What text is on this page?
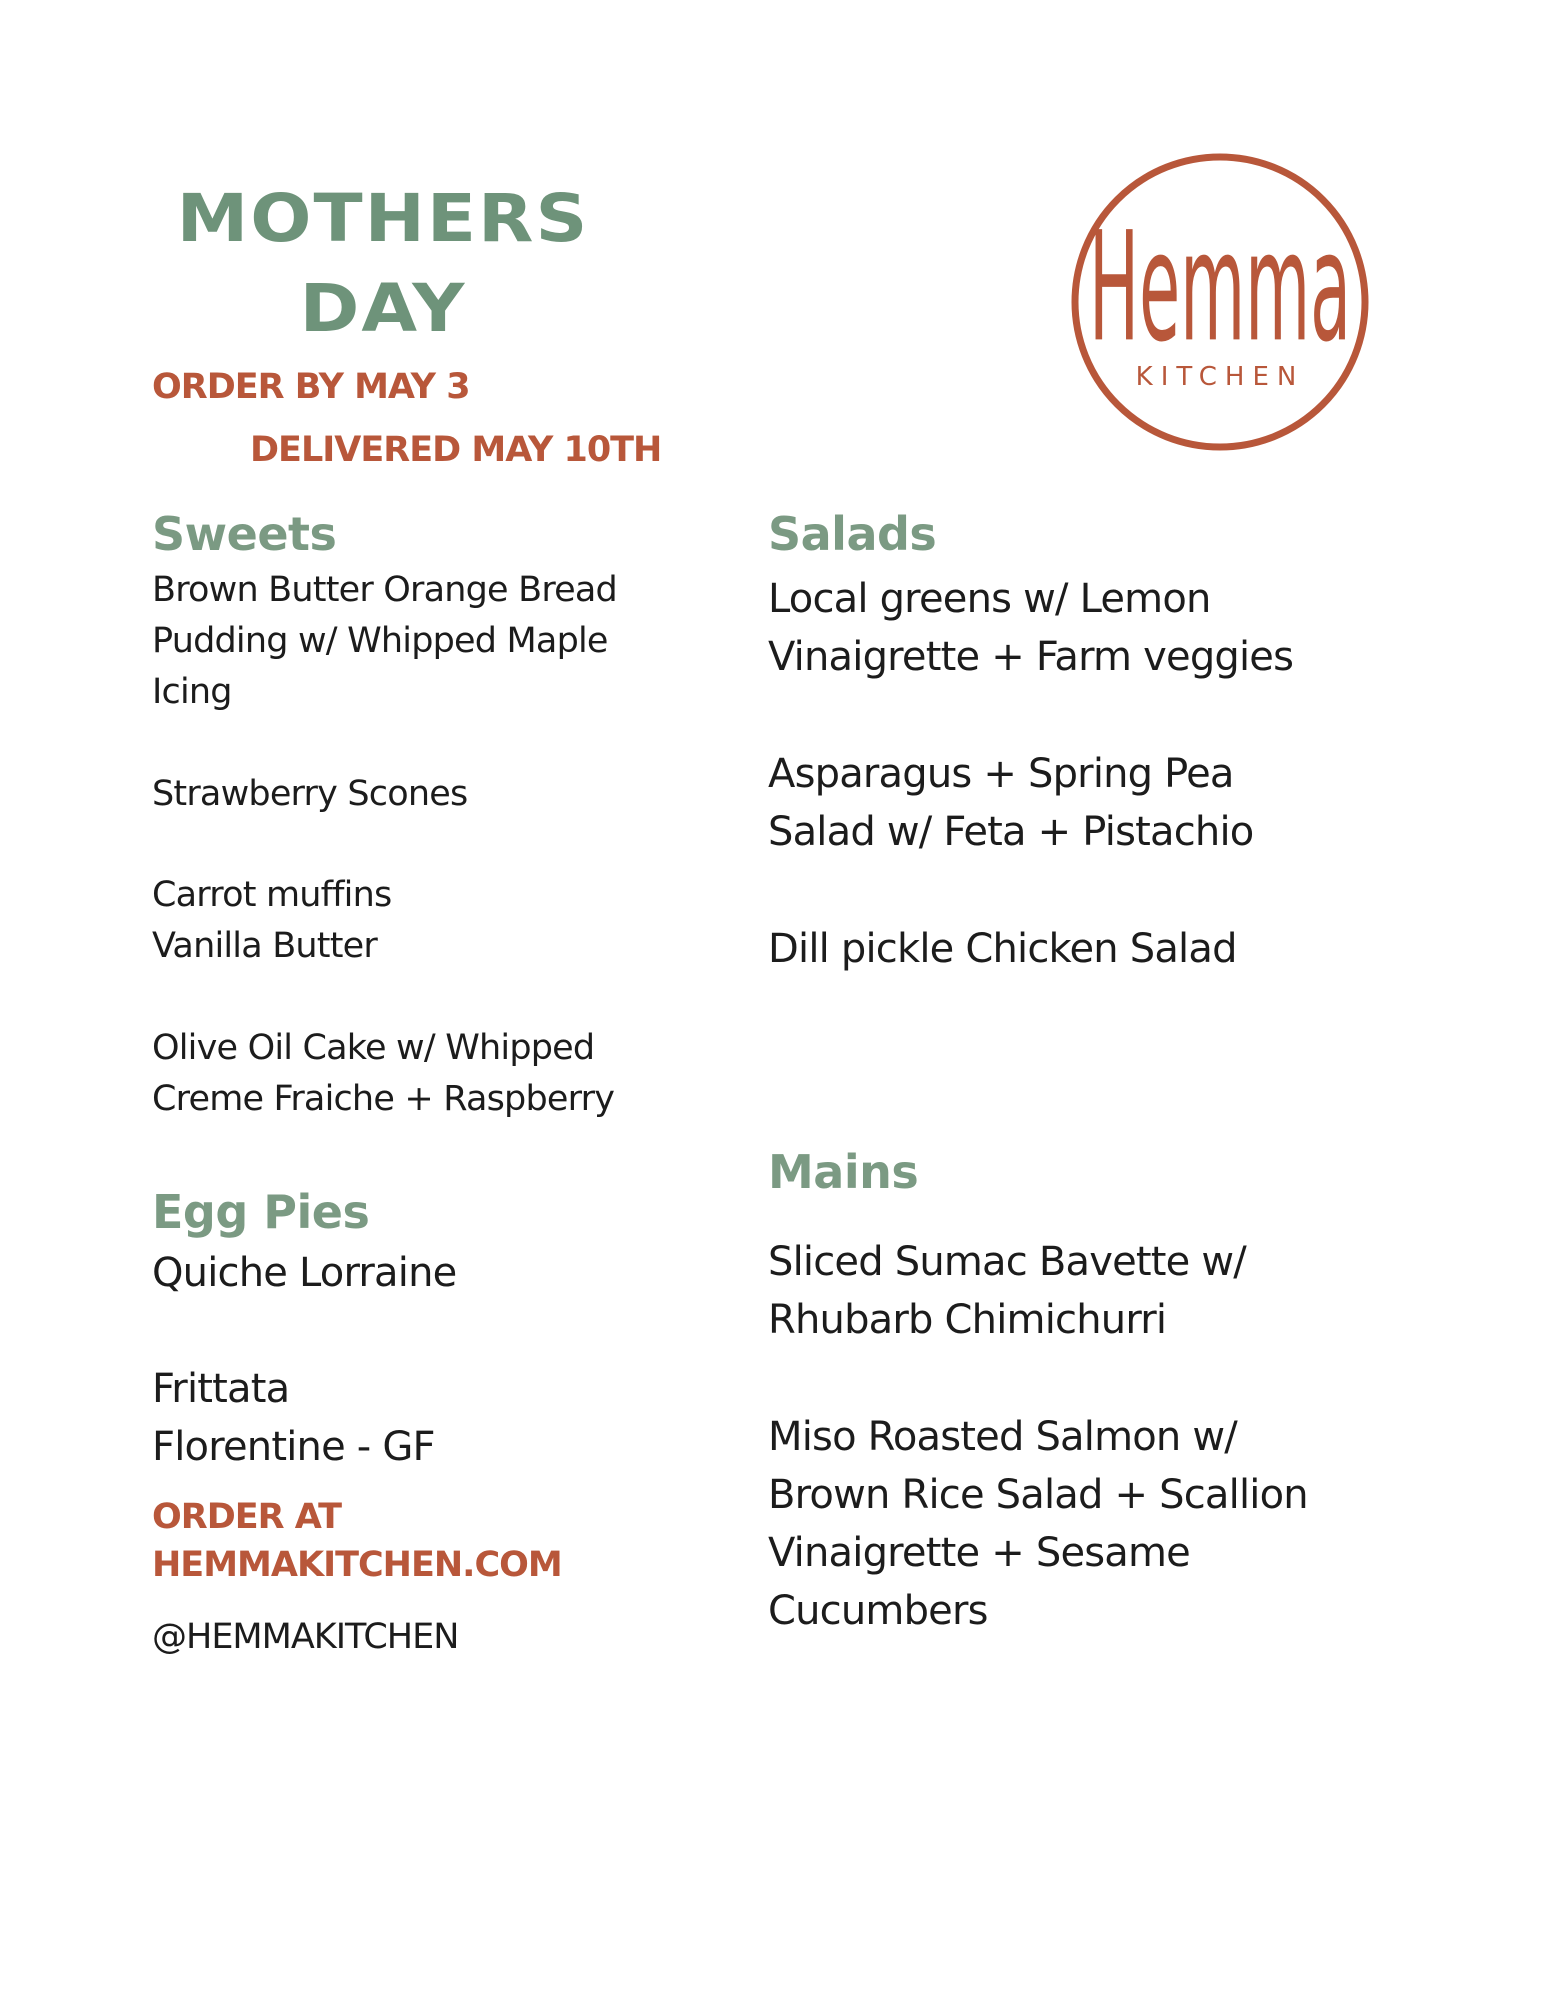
MOTHERS
DAY
ORDER BY MAY 3
DELIVERED MAY 10TH
Hemma
KITCHEN
Sweets
Brown Butter Orange Bread
Pudding w/ Whipped Maple
Icing
Strawberry Scones
Carrot muffins
Vanilla Butter
Olive Oil Cake w/ Whipped
Creme Fraiche + Raspberry
Egg Pies
Quiche Lorraine
Frittata
Florentine - GF
ORDER AT
HEMMAKITCHEN.COM
@HEMMAKITCHEN
Salads
Local greens w/ Lemon
Vinaigrette + Farm veggies
Asparagus + Spring Pea
Salad w/ Feta + Pistachio
Dill pickle Chicken Salad
Mains
Sliced Sumac Bavette w/
Rhubarb Chimichurri
Miso Roasted Salmon w/
Brown Rice Salad + Scallion
Vinaigrette + Sesame
Cucumbers
